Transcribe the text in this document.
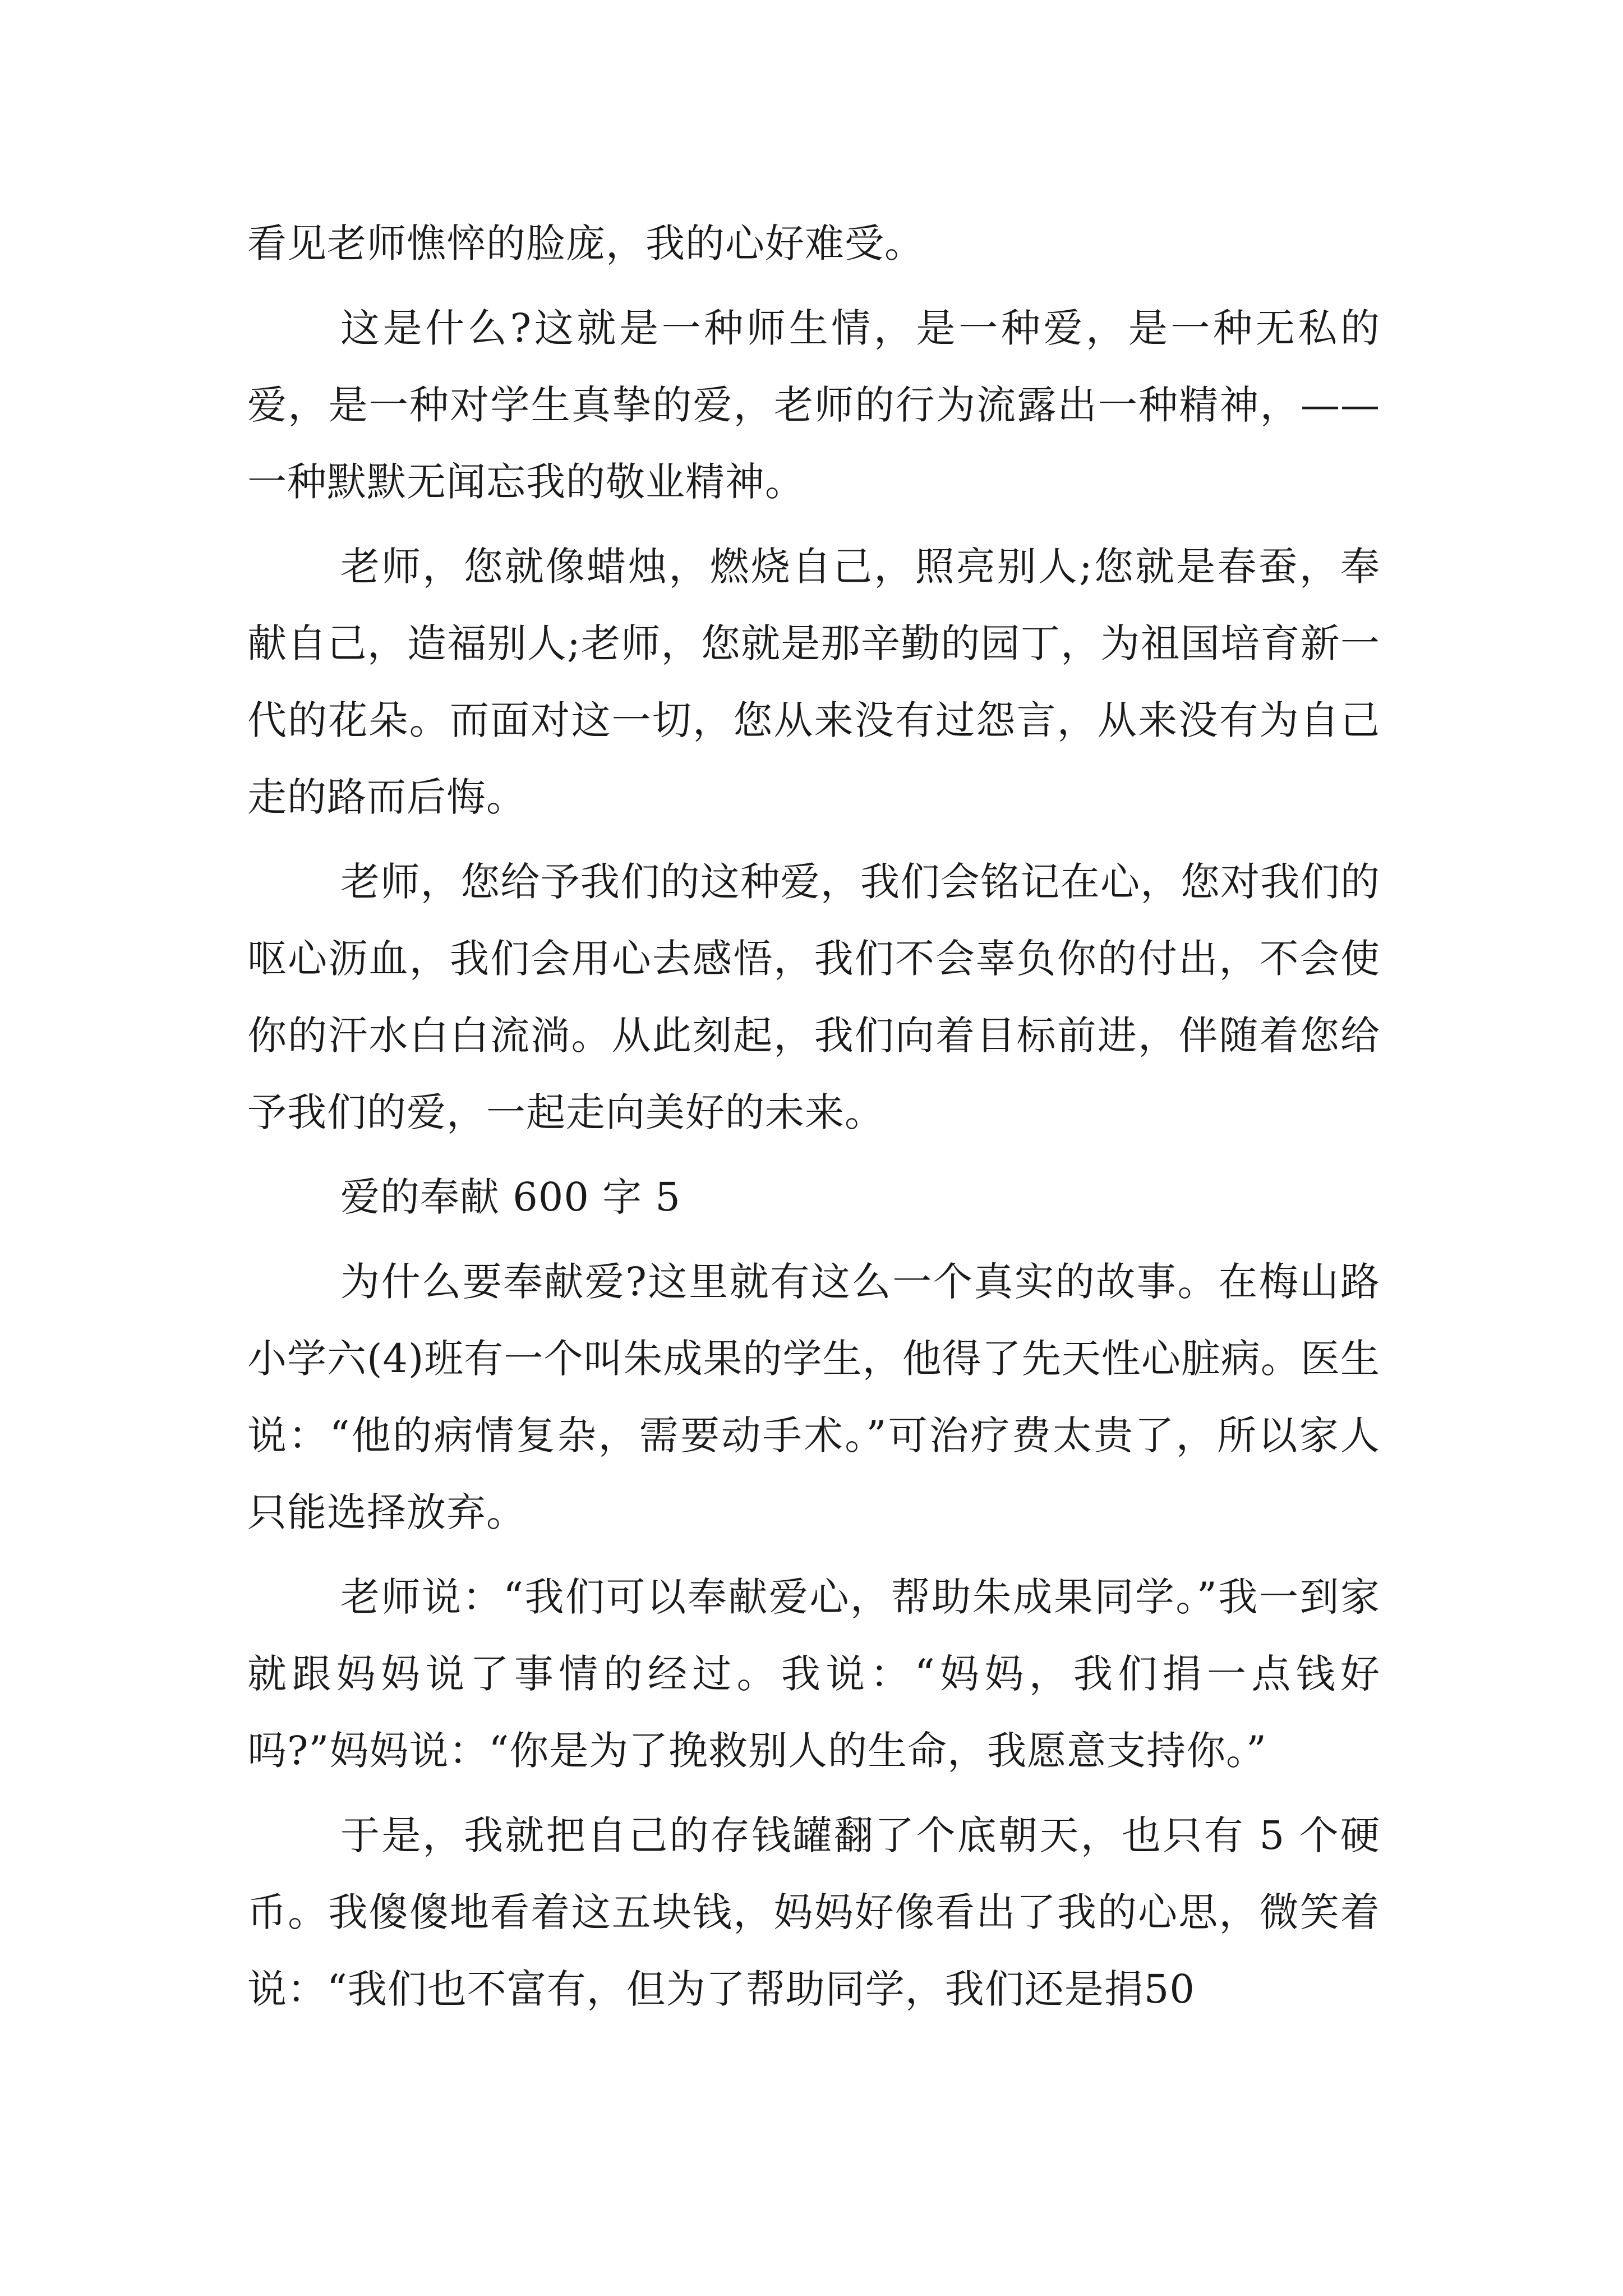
看见老师憔悴的脸庞，我的心好难受。

这是什么?这就是一种师生情，是一种爱，是一种无私的爱，是一种对学生真挚的爱，老师的行为流露出一种精神，——一种默默无闻忘我的敬业精神。

老师，您就像蜡烛，燃烧自己，照亮别人;您就是春蚕，奉献自己，造福别人;老师，您就是那辛勤的园丁，为祖国培育新一代的花朵。而面对这一切，您从来没有过怨言，从来没有为自己走的路而后悔。

老师，您给予我们的这种爱，我们会铭记在心，您对我们的呕心沥血，我们会用心去感悟，我们不会辜负你的付出，不会使你的汗水白白流淌。从此刻起，我们向着目标前进，伴随着您给予我们的爱，一起走向美好的未来。

爱的奉献 600 字 5

为什么要奉献爱?这里就有这么一个真实的故事。在梅山路小学六(4)班有一个叫朱成果的学生，他得了先天性心脏病。医生说：“他的病情复杂，需要动手术。”可治疗费太贵了，所以家人只能选择放弃。

老师说：“我们可以奉献爱心，帮助朱成果同学。”我一到家就跟妈妈说了事情的经过。我说：“妈妈，我们捐一点钱好吗?”妈妈说：“你是为了挽救别人的生命，我愿意支持你。”

于是，我就把自己的存钱罐翻了个底朝天，也只有 5 个硬币。我傻傻地看着这五块钱，妈妈好像看出了我的心思，微笑着说：“我们也不富有，但为了帮助同学，我们还是捐50
